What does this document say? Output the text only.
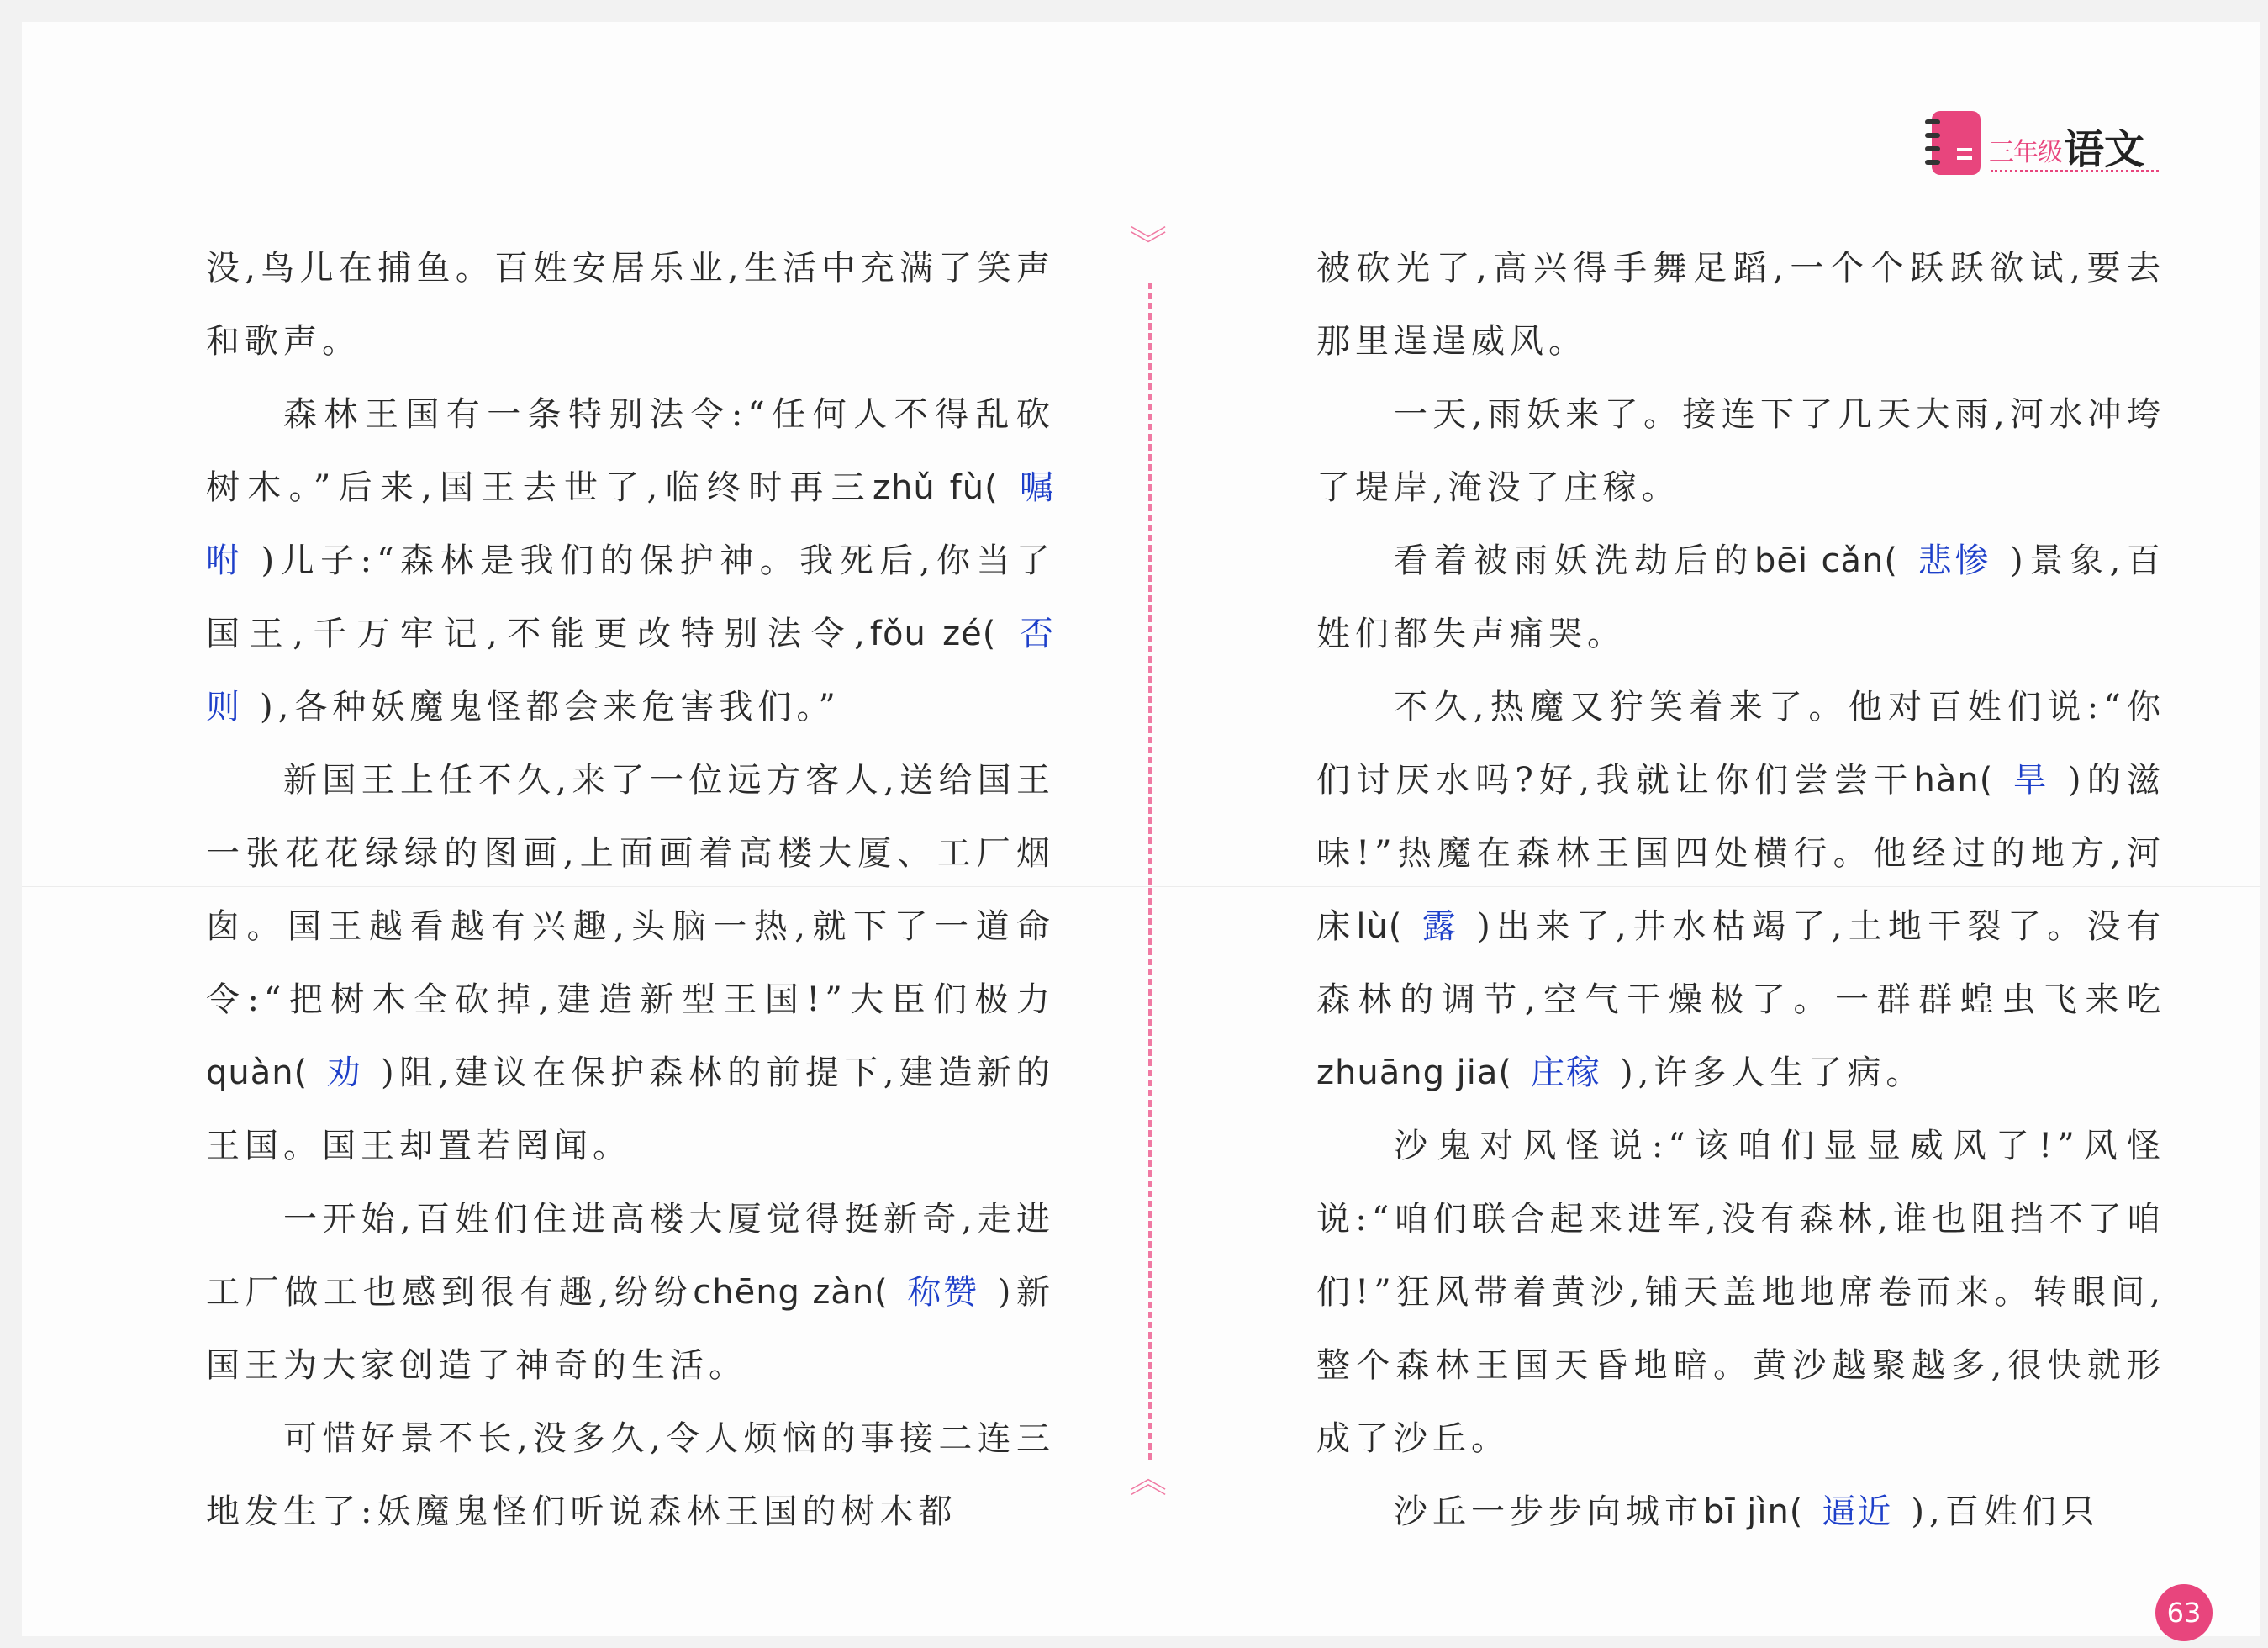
三年级 语文
︾
︽

没,鸟儿在捕鱼。百姓安居乐业,生活中充满了笑声和歌声。

森林王国有一条特别法令:“任何人不得乱砍树木。”后来,国王去世了,临终时再三zhǔ fù( 嘱咐 )儿子:“森林是我们的保护神。我死后,你当了国王,千万牢记,不能更改特别法令,fǒu zé( 否则 ),各种妖魔鬼怪都会来危害我们。”

新国王上任不久,来了一位远方客人,送给国王一张花花绿绿的图画,上面画着高楼大厦、工厂烟囱。国王越看越有兴趣,头脑一热,就下了一道命令:“把树木全砍掉,建造新型王国!”大臣们极力quàn( 劝 )阻,建议在保护森林的前提下,建造新的王国。国王却置若罔闻。

一开始,百姓们住进高楼大厦觉得挺新奇,走进工厂做工也感到很有趣,纷纷chēng zàn( 称赞 )新国王为大家创造了神奇的生活。

可惜好景不长,没多久,令人烦恼的事接二连三地发生了:妖魔鬼怪们听说森林王国的树木都

被砍光了,高兴得手舞足蹈,一个个跃跃欲试,要去那里逞逞威风。

一天,雨妖来了。接连下了几天大雨,河水冲垮了堤岸,淹没了庄稼。

看着被雨妖洗劫后的bēi cǎn( 悲惨 )景象,百姓们都失声痛哭。

不久,热魔又狞笑着来了。他对百姓们说:“你们讨厌水吗?好,我就让你们尝尝干hàn( 旱 )的滋味!”热魔在森林王国四处横行。他经过的地方,河床lù( 露 )出来了,井水枯竭了,土地干裂了。没有森林的调节,空气干燥极了。一群群蝗虫飞来吃zhuāng jia( 庄稼 ),许多人生了病。

沙鬼对风怪说:“该咱们显显威风了!”风怪说:“咱们联合起来进军,没有森林,谁也阻挡不了咱们!”狂风带着黄沙,铺天盖地地席卷而来。转眼间,整个森林王国天昏地暗。黄沙越聚越多,很快就形成了沙丘。

沙丘一步步向城市bī jìn( 逼近 ),百姓们只

63
